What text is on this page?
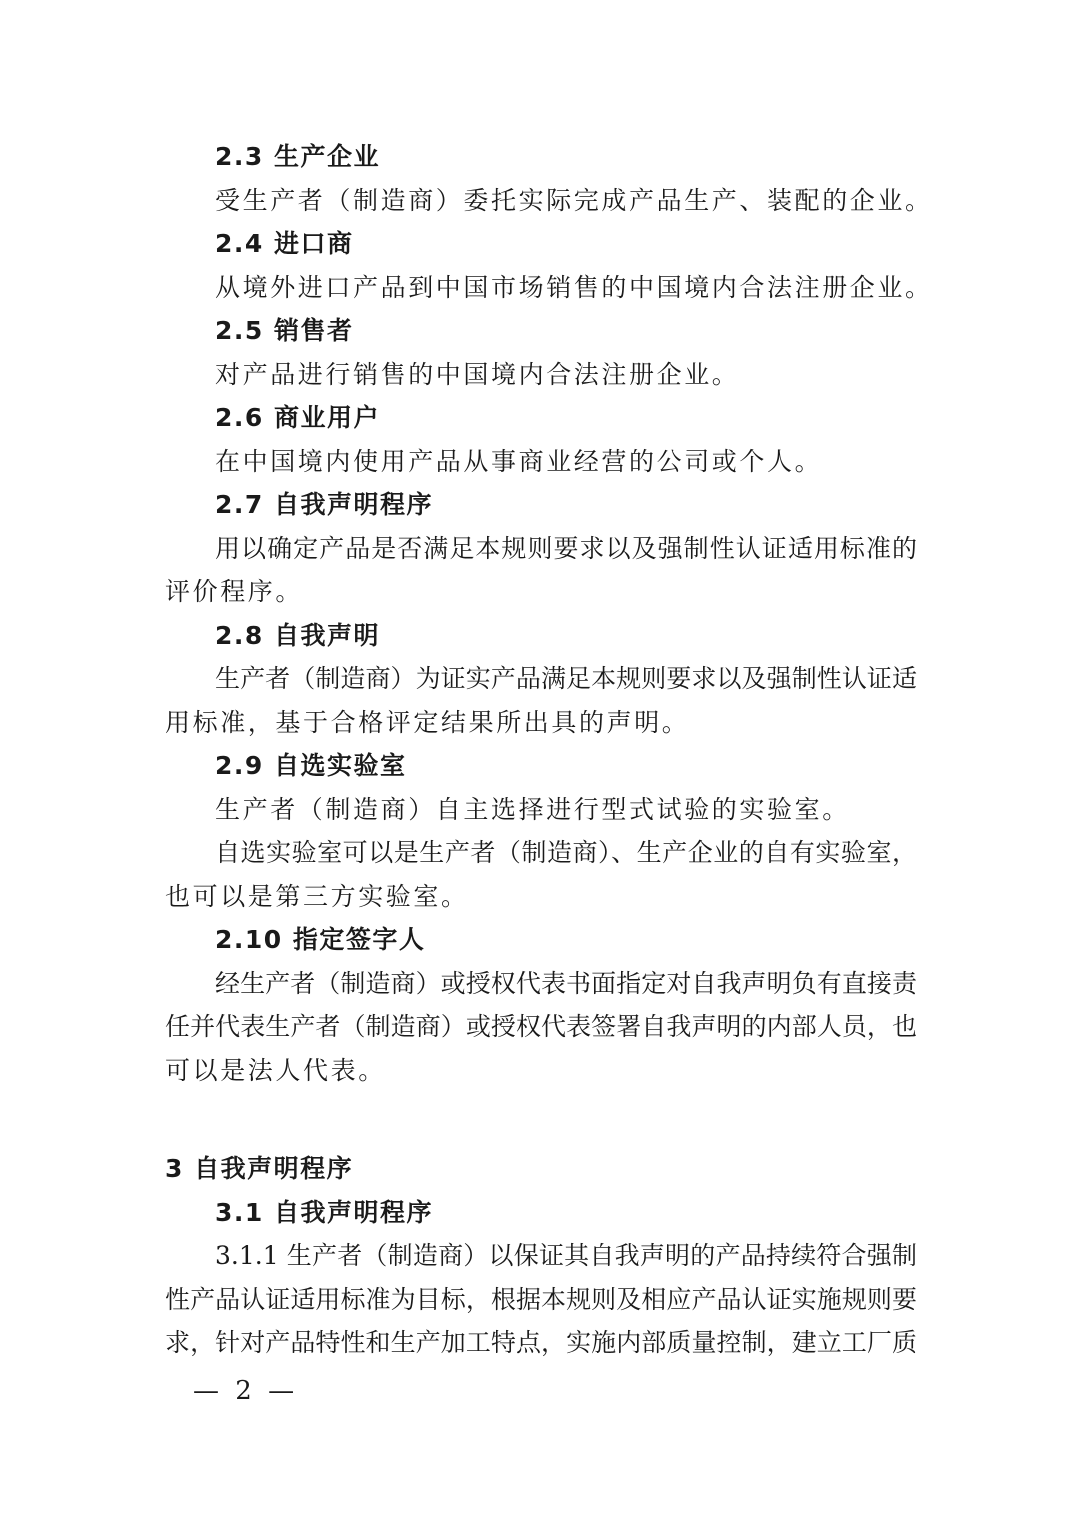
2.3 生产企业
受生产者（制造商）委托实际完成产品生产、装配的企业。
2.4 进口商
从境外进口产品到中国市场销售的中国境内合法注册企业。
2.5 销售者
对产品进行销售的中国境内合法注册企业。
2.6 商业用户
在中国境内使用产品从事商业经营的公司或个人。
2.7 自我声明程序
用以确定产品是否满足本规则要求以及强制性认证适用标准的
评价程序。
2.8 自我声明
生产者（制造商）为证实产品满足本规则要求以及强制性认证适
用标准，基于合格评定结果所出具的声明。
2.9 自选实验室
生产者（制造商）自主选择进行型式试验的实验室。
自选实验室可以是生产者（制造商）、生产企业的自有实验室，
也可以是第三方实验室。
2.10 指定签字人
经生产者（制造商）或授权代表书面指定对自我声明负有直接责
任并代表生产者（制造商）或授权代表签署自我声明的内部人员，也
可以是法人代表。
3 自我声明程序
3.1 自我声明程序
3.1.1 生产者（制造商）以保证其自我声明的产品持续符合强制
性产品认证适用标准为目标，根据本规则及相应产品认证实施规则要
求，针对产品特性和生产加工特点，实施内部质量控制，建立工厂质
— 2 —
